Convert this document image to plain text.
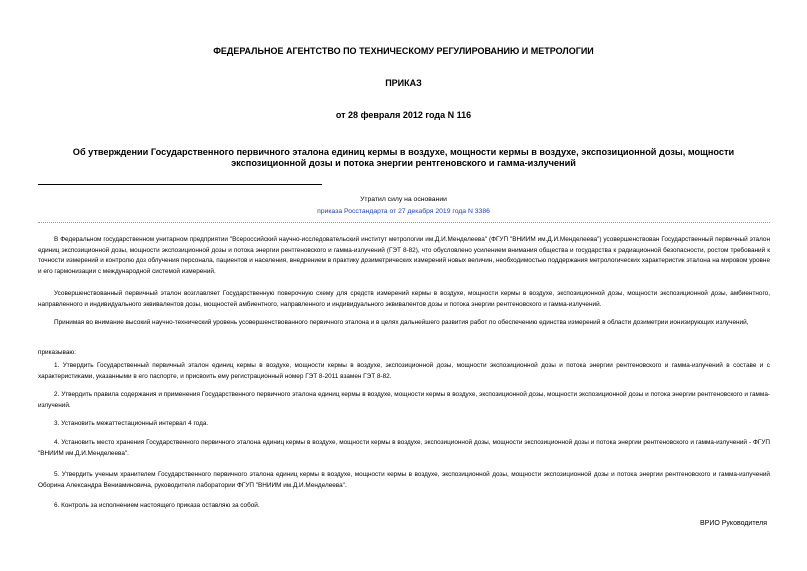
ФЕДЕРАЛЬНОЕ АГЕНТСТВО ПО ТЕХНИЧЕСКОМУ РЕГУЛИРОВАНИЮ И МЕТРОЛОГИИ
ПРИКАЗ
от 28 февраля 2012 года N 116
Об утверждении Государственного первичного эталона единиц кермы в воздухе, мощности кермы в воздухе, экспозиционной дозы, мощности экспозиционной дозы и потока энергии рентгеновского и гамма-излучений
Утратил силу на основании
приказа Росстандарта от 27 декабря 2019 года N 3386
В Федеральном государственном унитарном предприятии "Всероссийский научно-исследовательский институт метрологии им.Д.И.Менделеева" (ФГУП "ВНИИМ им.Д.И.Менделеева") усовершенствован Государственный первичный эталон единиц экспозиционной дозы, мощности экспозиционной дозы и потока энергии рентгеновского и гамма-излучений (ГЭТ 8-82), что обусловлено усилением внимания общества и государства к радиационной безопасности, ростом требований к точности измерений и контролю доз облучения персонала, пациентов и населения, внедрением в практику дозиметрических измерений новых величин, необходимостью поддержания метрологических характеристик эталона на мировом уровне и его гармонизации с международной системой измерений.
Усовершенствованный первичный эталон возглавляет Государственную поверочную схему для средств измерений кермы в воздухе, мощности кермы в воздухе, экспозиционной дозы, мощности экспозиционной дозы, амбиентного, направленного и индивидуального эквивалентов дозы, мощностей амбиентного, направленного и индивидуального эквивалентов дозы и потока энергии рентгеновского и гамма-излучений.
Принимая во внимание высокий научно-технический уровень усовершенствованного первичного эталона и в целях дальнейшего развития работ по обеспечению единства измерений в области дозиметрии ионизирующих излучений,
приказываю:
1. Утвердить Государственный первичный эталон единиц кермы в воздухе, мощности кермы в воздухе, экспозиционной дозы, мощности экспозиционной дозы и потока энергии рентгеновского и гамма-излучений в составе и с характеристиками, указанными в его паспорте, и присвоить ему регистрационный номер ГЭТ 8-2011 взамен ГЭТ 8-82.
2. Утвердить правила содержания и применения Государственного первичного эталона единиц кермы в воздухе, мощности кермы в воздухе, экспозиционной дозы, мощности экспозиционной дозы и потока энергии рентгеновского и гамма-излучений.
3. Установить межаттестационный интервал 4 года.
4. Установить место хранения Государственного первичного эталона единиц кермы в воздухе, мощности кермы в воздухе, экспозиционной дозы, мощности экспозиционной дозы и потока энергии рентгеновского и гамма-излучений - ФГУП "ВНИИМ им.Д.И.Менделеева".
5. Утвердить ученым хранителем Государственного первичного эталона единиц кермы в воздухе, мощности кермы в воздухе, экспозиционной дозы, мощности экспозиционной дозы и потока энергии рентгеновского и гамма-излучений Оборина Александра Вениаминовича, руководителя лаборатории ФГУП "ВНИИМ им.Д.И.Менделеева".
6. Контроль за исполнением настоящего приказа оставляю за собой.
ВРИО Руководителя
